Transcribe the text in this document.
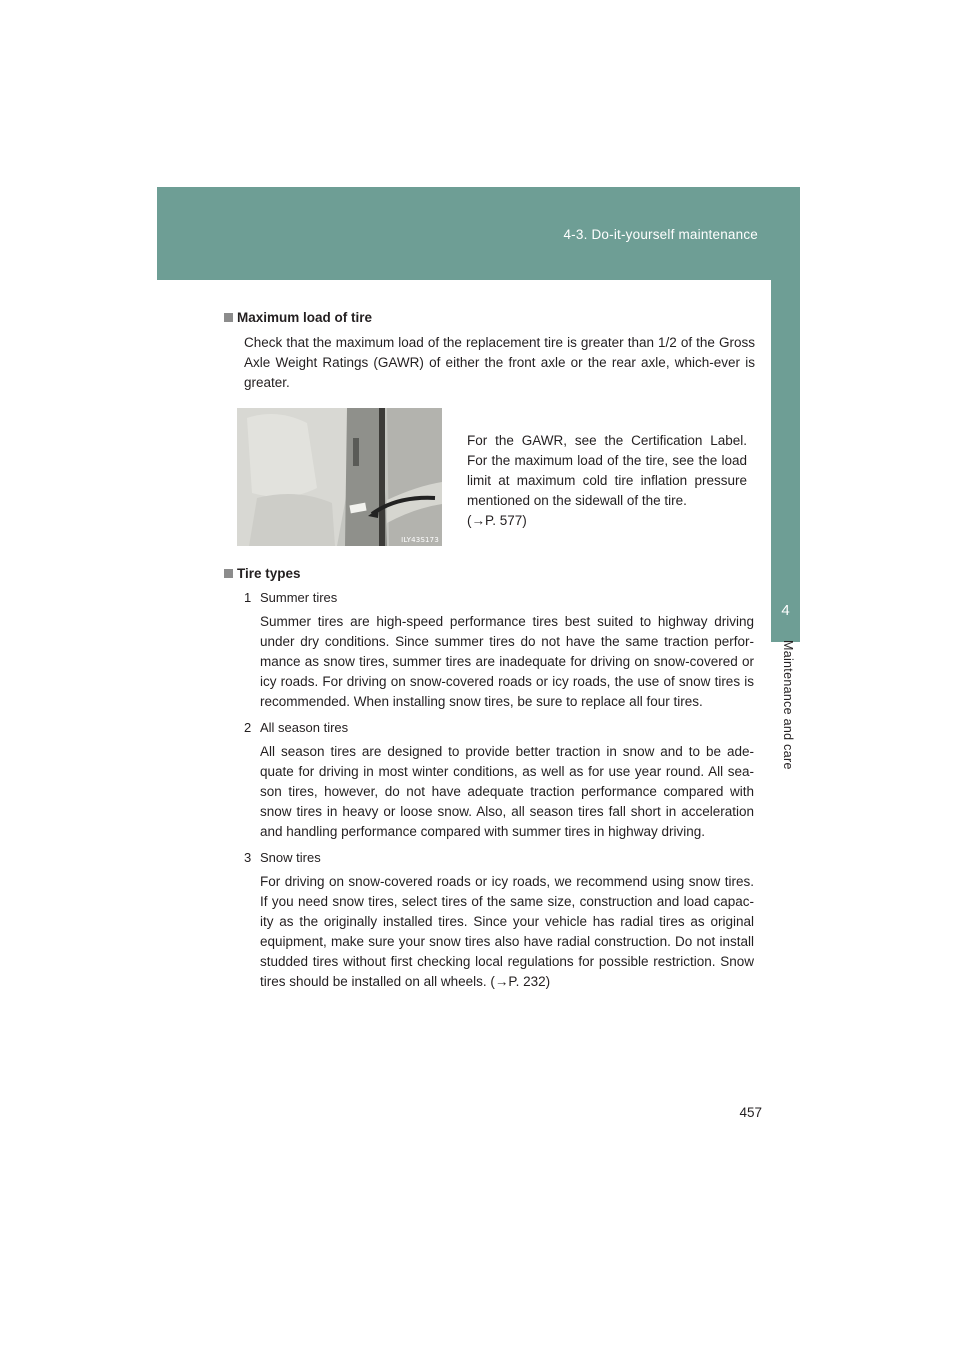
4-3. Do-it-yourself maintenance
4
Maintenance and care
Maximum load of tire
Check that the maximum load of the replacement tire is greater than 1/2 of the Gross Axle Weight Ratings (GAWR) of either the front axle or the rear axle, which-ever is greater.
ILY43S173
For the GAWR, see the Certification Label.
For the maximum load of the tire, see the load
limit at maximum cold tire inflation pressure
mentioned on the sidewall of the tire.
(→P. 577)
Tire types
1 Summer tires
Summer tires are high-speed performance tires best suited to highway driving under dry conditions. Since summer tires do not have the same traction perfor-mance as snow tires, summer tires are inadequate for driving on snow-covered or icy roads. For driving on snow-covered roads or icy roads, the use of snow tires is recommended. When installing snow tires, be sure to replace all four tires.
2 All season tires
All season tires are designed to provide better traction in snow and to be ade-quate for driving in most winter conditions, as well as for use year round. All sea-son tires, however, do not have adequate traction performance compared with snow tires in heavy or loose snow. Also, all season tires fall short in acceleration and handling performance compared with summer tires in highway driving.
3 Snow tires
For driving on snow-covered roads or icy roads, we recommend using snow tires. If you need snow tires, select tires of the same size, construction and load capac-ity as the originally installed tires. Since your vehicle has radial tires as original equipment, make sure your snow tires also have radial construction. Do not install studded tires without first checking local regulations for possible restriction. Snow tires should be installed on all wheels. (→P. 232)
457
